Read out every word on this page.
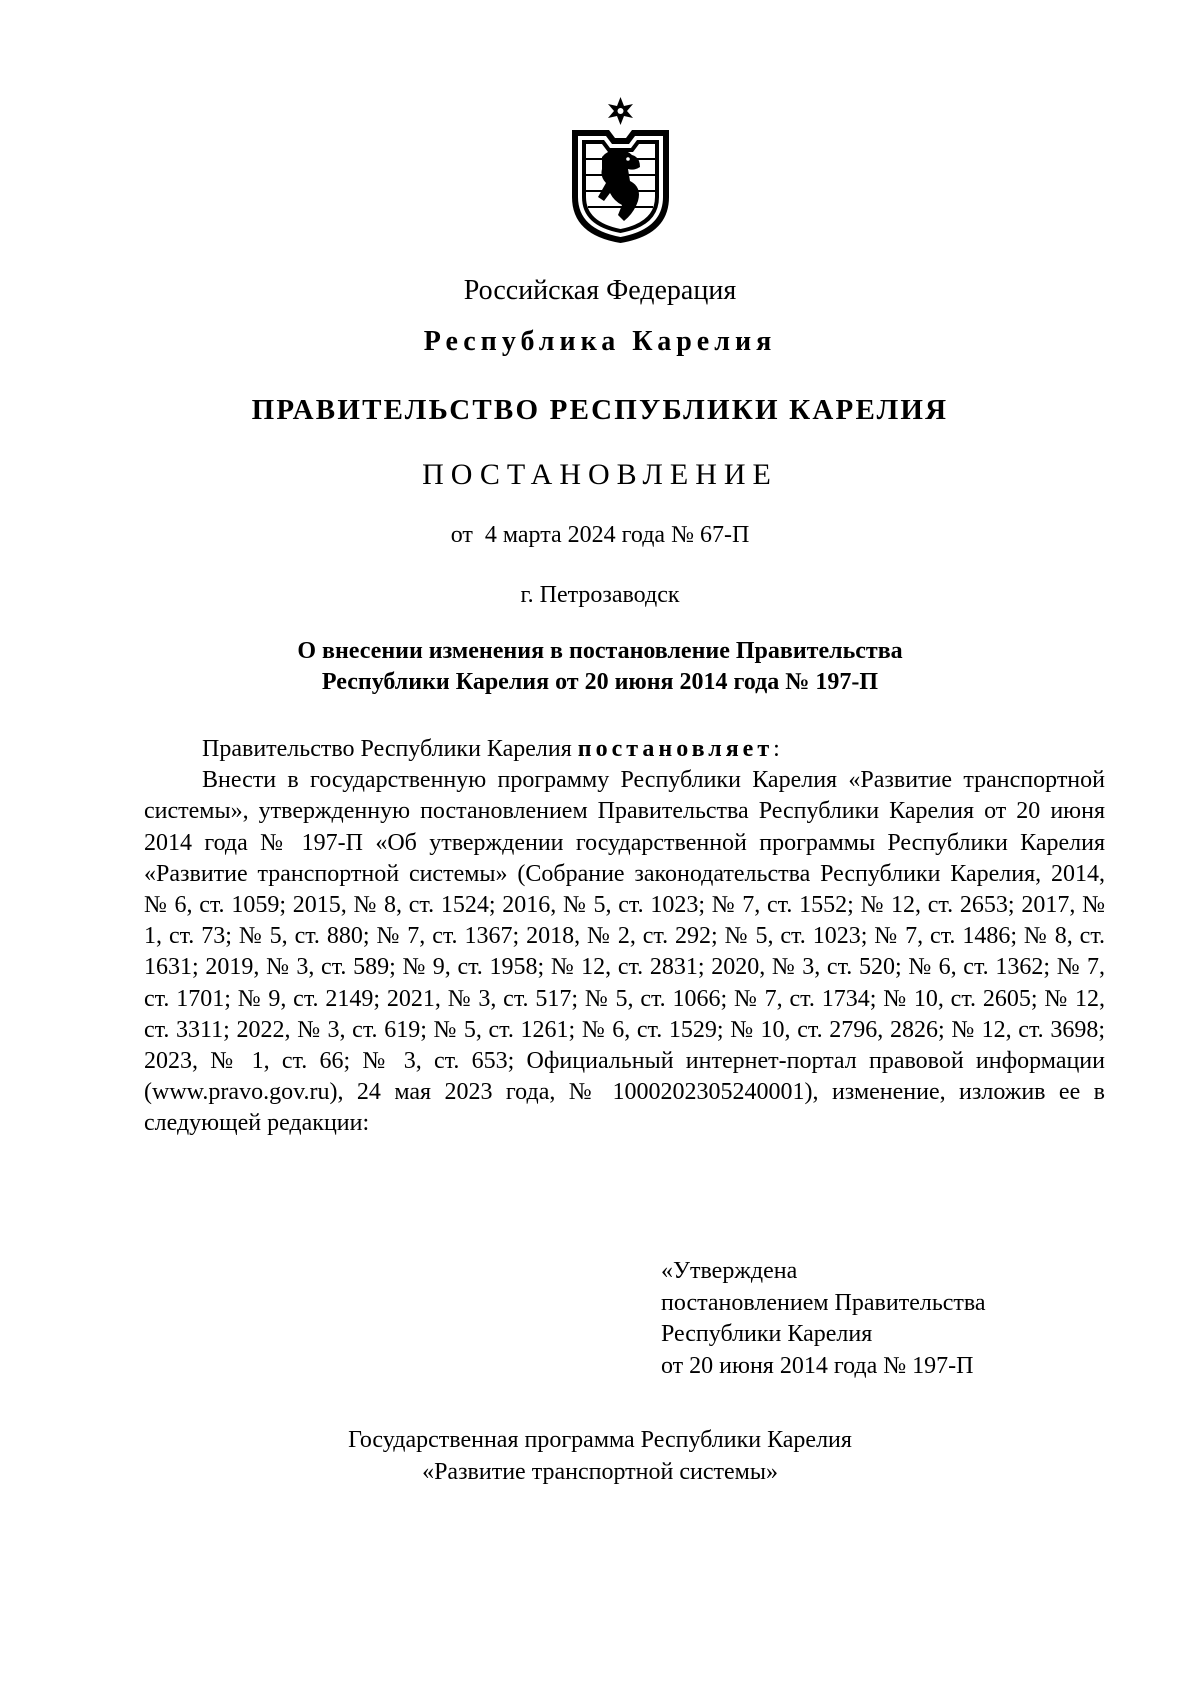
Российская Федерация
Республика Карелия
ПРАВИТЕЛЬСТВО РЕСПУБЛИКИ КАРЕЛИЯ
ПОСТАНОВЛЕНИЕ
от  4 марта 2024 года № 67-П
г. Петрозаводск
О внесении изменения в постановление Правительства
Республики Карелия от 20 июня 2014 года № 197-П

Правительство Республики Карелия постановляет:

Внести в государственную программу Республики Карелия «Развитие транспортной системы», утвержденную постановлением Правительства Республики Карелия от 20 июня 2014 года № 197-П «Об утверждении государственной программы Республики Карелия «Развитие транспортной системы» (Собрание законодательства Республики Карелия, 2014, № 6, ст. 1059; 2015, № 8, ст. 1524; 2016, № 5, ст. 1023; № 7, ст. 1552; № 12, ст. 2653; 2017, № 1, ст. 73; № 5, ст. 880; № 7, ст. 1367; 2018, № 2, ст. 292; № 5, ст. 1023; № 7, ст. 1486; № 8, ст. 1631; 2019, № 3, ст. 589; № 9, ст. 1958; № 12, ст. 2831; 2020, № 3, ст. 520; № 6, ст. 1362; № 7, ст. 1701; № 9, ст. 2149; 2021, № 3, ст. 517; № 5, ст. 1066; № 7, ст. 1734; № 10, ст. 2605; № 12, ст. 3311; 2022, № 3, ст. 619; № 5, ст. 1261; № 6, ст. 1529; № 10, ст. 2796, 2826; № 12, ст. 3698; 2023, № 1, ст. 66; № 3, ст. 653; Официальный интернет-портал правовой информации (www.pravo.gov.ru), 24 мая 2023 года, № 1000202305240001), изменение, изложив ее в следующей редакции:

«Утверждена
постановлением Правительства
Республики Карелия
от 20 июня 2014 года № 197-П
Государственная программа Республики Карелия
«Развитие транспортной системы»
